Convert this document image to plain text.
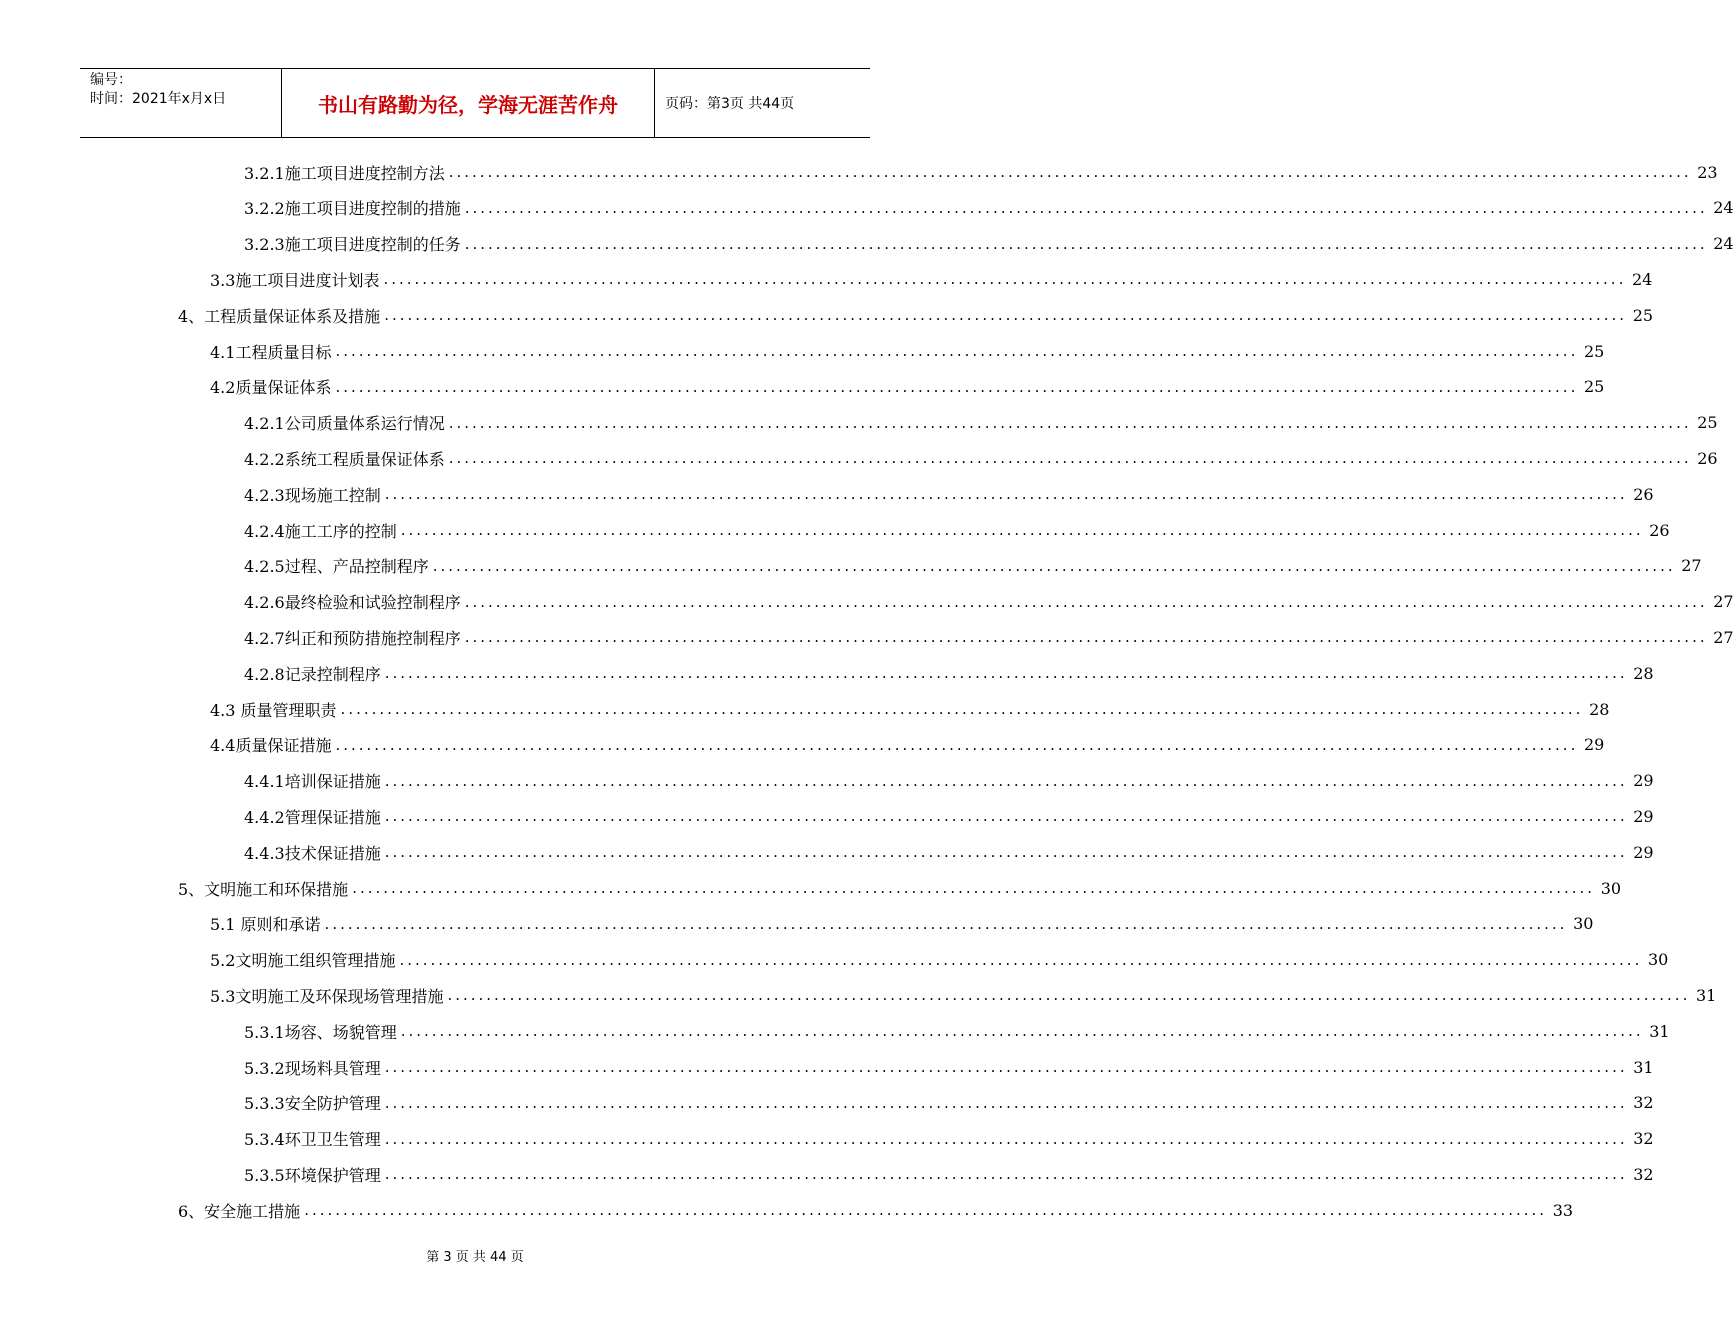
编号：
时间：2021年x月x日	书山有路勤为径，学海无涯苦作舟	页码：第3页 共44页
3.2.1施工项目进度控制方法 ................................................................................................................................................................ 23
3.2.2施工项目进度控制的措施 ................................................................................................................................................................ 24
3.2.3施工项目进度控制的任务 ................................................................................................................................................................ 24
3.3施工项目进度计划表 ................................................................................................................................................................ 24
4、工程质量保证体系及措施 ................................................................................................................................................................ 25
4.1工程质量目标 ................................................................................................................................................................ 25
4.2质量保证体系 ................................................................................................................................................................ 25
4.2.1公司质量体系运行情况 ................................................................................................................................................................ 25
4.2.2系统工程质量保证体系 ................................................................................................................................................................ 26
4.2.3现场施工控制 ................................................................................................................................................................ 26
4.2.4施工工序的控制 ................................................................................................................................................................ 26
4.2.5过程、产品控制程序 ................................................................................................................................................................ 27
4.2.6最终检验和试验控制程序 ................................................................................................................................................................ 27
4.2.7纠正和预防措施控制程序 ................................................................................................................................................................ 27
4.2.8记录控制程序 ................................................................................................................................................................ 28
4.3 质量管理职责 ................................................................................................................................................................ 28
4.4质量保证措施 ................................................................................................................................................................ 29
4.4.1培训保证措施 ................................................................................................................................................................ 29
4.4.2管理保证措施 ................................................................................................................................................................ 29
4.4.3技术保证措施 ................................................................................................................................................................ 29
5、文明施工和环保措施 ................................................................................................................................................................ 30
5.1 原则和承诺 ................................................................................................................................................................ 30
5.2文明施工组织管理措施 ................................................................................................................................................................ 30
5.3文明施工及环保现场管理措施 ................................................................................................................................................................ 31
5.3.1场容、场貌管理 ................................................................................................................................................................ 31
5.3.2现场料具管理 ................................................................................................................................................................ 31
5.3.3安全防护管理 ................................................................................................................................................................ 32
5.3.4环卫卫生管理 ................................................................................................................................................................ 32
5.3.5环境保护管理 ................................................................................................................................................................ 32
6、安全施工措施 ................................................................................................................................................................ 33
第 3 页 共 44 页
